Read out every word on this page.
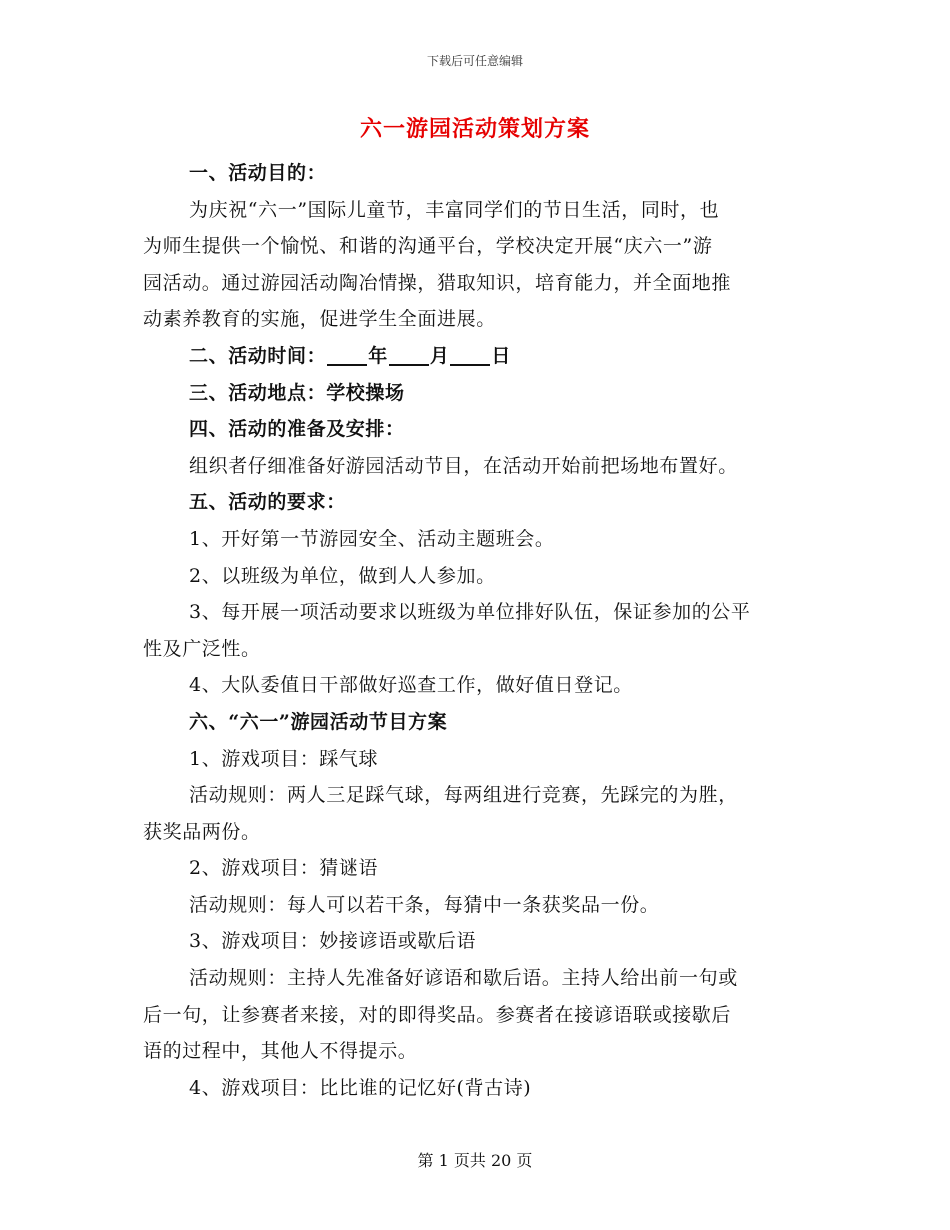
下载后可任意编辑
六一游园活动策划方案
一、活动目的：
为庆祝“六一”国际儿童节，丰富同学们的节日生活，同时，也
为师生提供一个愉悦、和谐的沟通平台，学校决定开展“庆六一”游
园活动。通过游园活动陶冶情操，猎取知识，培育能力，并全面地推
动素养教育的实施，促进学生全面进展。
二、活动时间： 年 月 日
三、活动地点：学校操场
四、活动的准备及安排：
组织者仔细准备好游园活动节目，在活动开始前把场地布置好。
五、活动的要求：
1、开好第一节游园安全、活动主题班会。
2、以班级为单位，做到人人参加。
3、每开展一项活动要求以班级为单位排好队伍，保证参加的公平
性及广泛性。
4、大队委值日干部做好巡查工作，做好值日登记。
六、“六一”游园活动节目方案
1、游戏项目：踩气球
活动规则：两人三足踩气球，每两组进行竞赛，先踩完的为胜，
获奖品两份。
2、游戏项目：猜谜语
活动规则：每人可以若干条，每猜中一条获奖品一份。
3、游戏项目：妙接谚语或歇后语
活动规则：主持人先准备好谚语和歇后语。主持人给出前一句或
后一句，让参赛者来接，对的即得奖品。参赛者在接谚语联或接歇后
语的过程中，其他人不得提示。
4、游戏项目：比比谁的记忆好(背古诗)
第 1 页共 20 页
